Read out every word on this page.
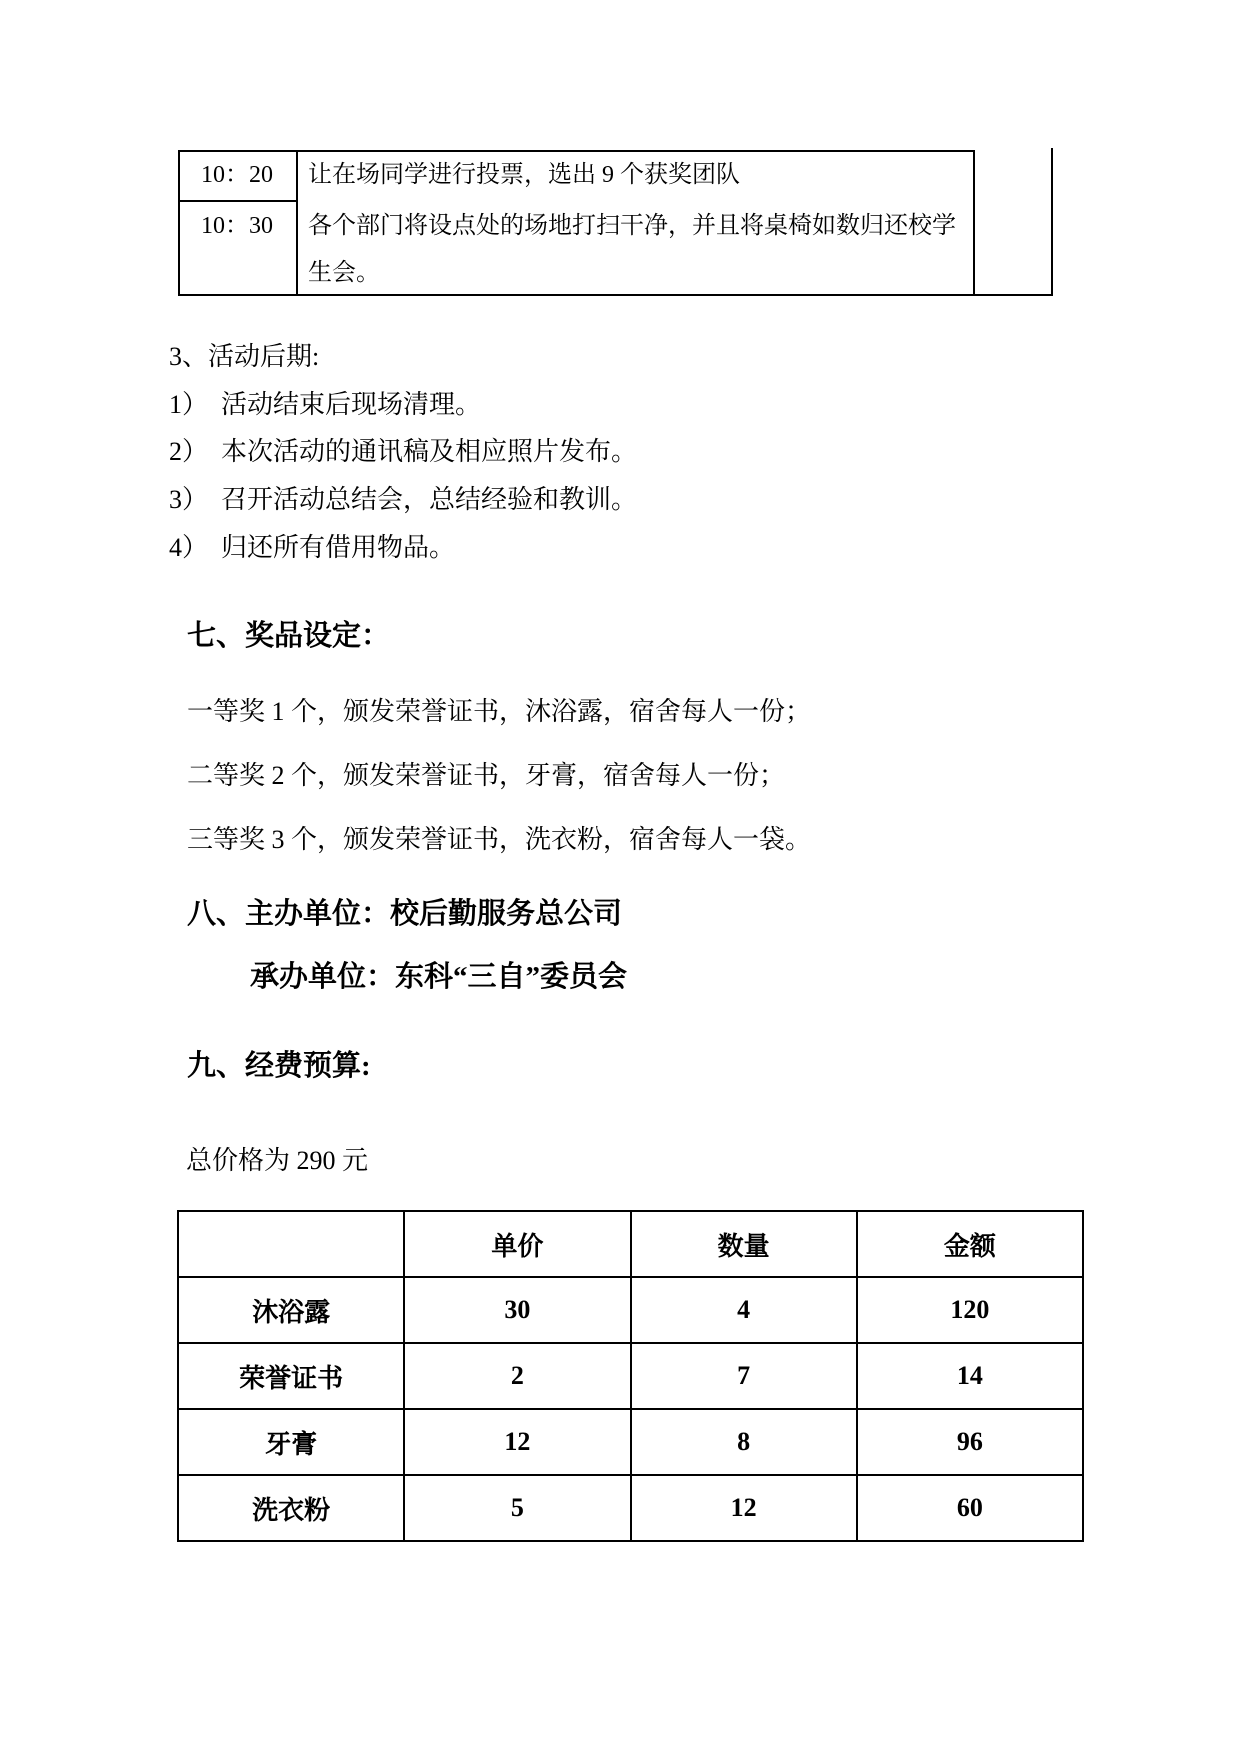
10：20	让在场同学进行投票，选出 9 个获奖团队
10：30	各个部门将设点处的场地打扫干净，并且将桌椅如数归还校学
生会。
3、活动后期:
1）　活动结束后现场清理。
2）　本次活动的通讯稿及相应照片发布。
3）　召开活动总结会，总结经验和教训。
4）　归还所有借用物品。
七、奖品设定：
一等奖 1 个，颁发荣誉证书，沐浴露，宿舍每人一份；
二等奖 2 个，颁发荣誉证书，牙膏，宿舍每人一份；
三等奖 3 个，颁发荣誉证书，洗衣粉，宿舍每人一袋。
八、主办单位：校后勤服务总公司
承办单位：东科“三自”委员会
九、经费预算:
总价格为 290 元
	单价	数量	金额
沐浴露	30	4	120
荣誉证书	2	7	14
牙膏	12	8	96
洗衣粉	5	12	60
